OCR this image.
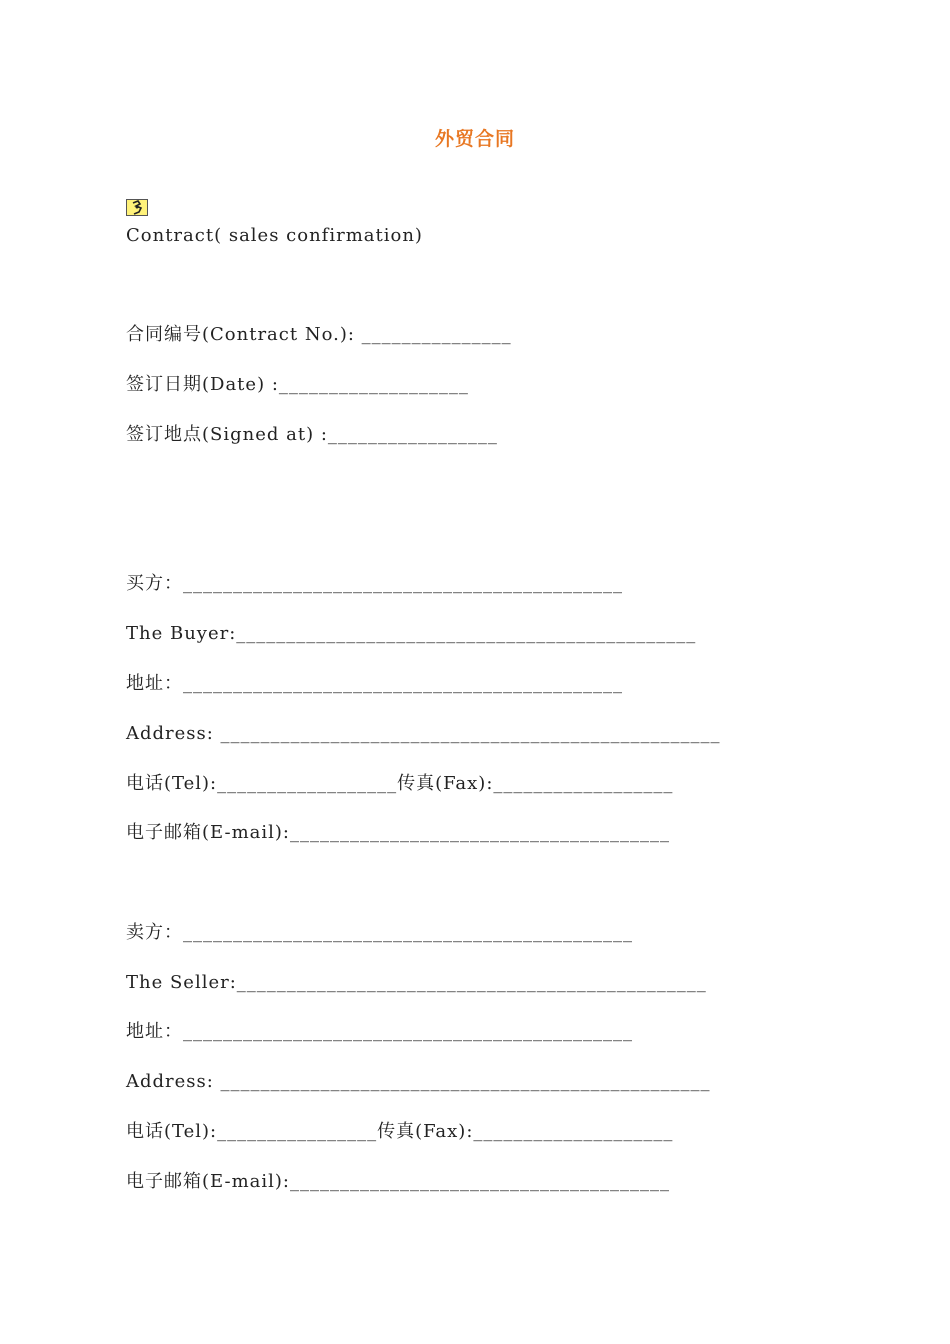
外贸合同
Contract( sales confirmation)
合同编号(Contract No.): _______________
签订日期(Date) :___________________
签订地点(Signed at) :_________________
买方：____________________________________________
The Buyer:______________________________________________
地址：____________________________________________
Address: __________________________________________________
电话(Tel):__________________传真(Fax):__________________
电子邮箱(E-mail):______________________________________
卖方：_____________________________________________
The Seller:_______________________________________________
地址：_____________________________________________
Address: _________________________________________________
电话(Tel):________________传真(Fax):____________________
电子邮箱(E-mail):______________________________________
